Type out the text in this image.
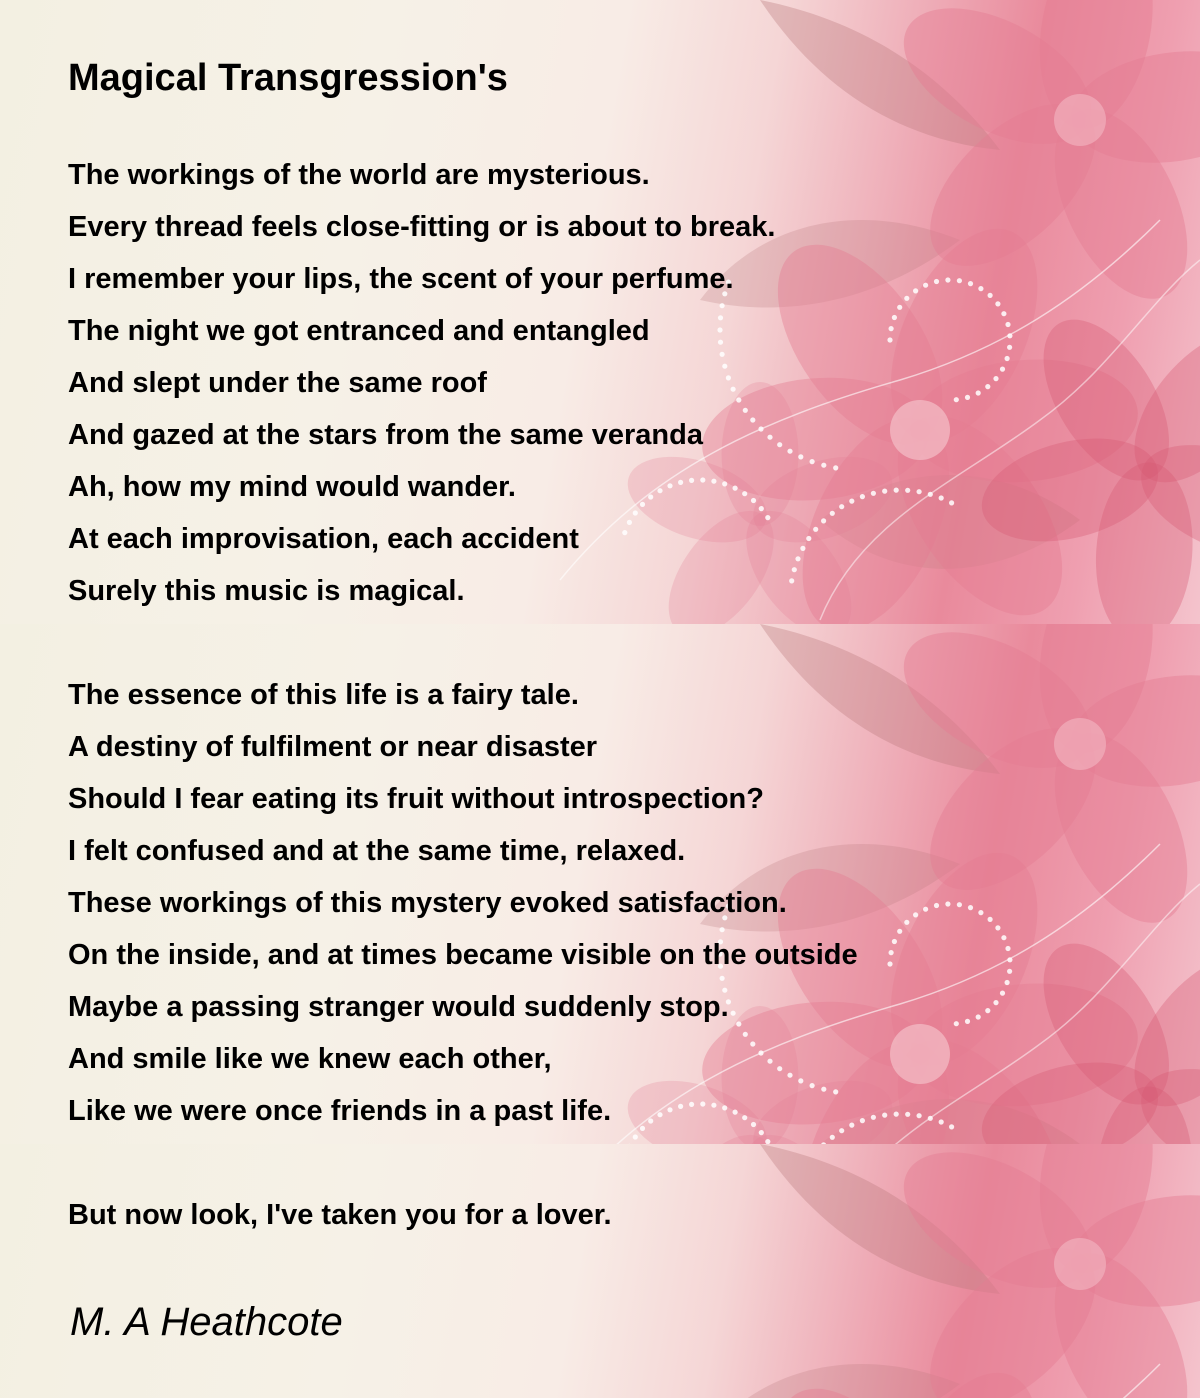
Magical Transgression's
The workings of the world are mysterious.
Every thread feels close-fitting or is about to break.
I remember your lips, the scent of your perfume.
The night we got entranced and entangled
And slept under the same roof
And gazed at the stars from the same veranda
Ah, how my mind would wander.
At each improvisation, each accident
Surely this music is magical.
The essence of this life is a fairy tale.
A destiny of fulfilment or near disaster
Should I fear eating its fruit without introspection?
I felt confused and at the same time, relaxed.
These workings of this mystery evoked satisfaction.
On the inside, and at times became visible on the outside
Maybe a passing stranger would suddenly stop.
And smile like we knew each other,
Like we were once friends in a past life.
But now look, I've taken you for a lover.

M. A Heathcote
